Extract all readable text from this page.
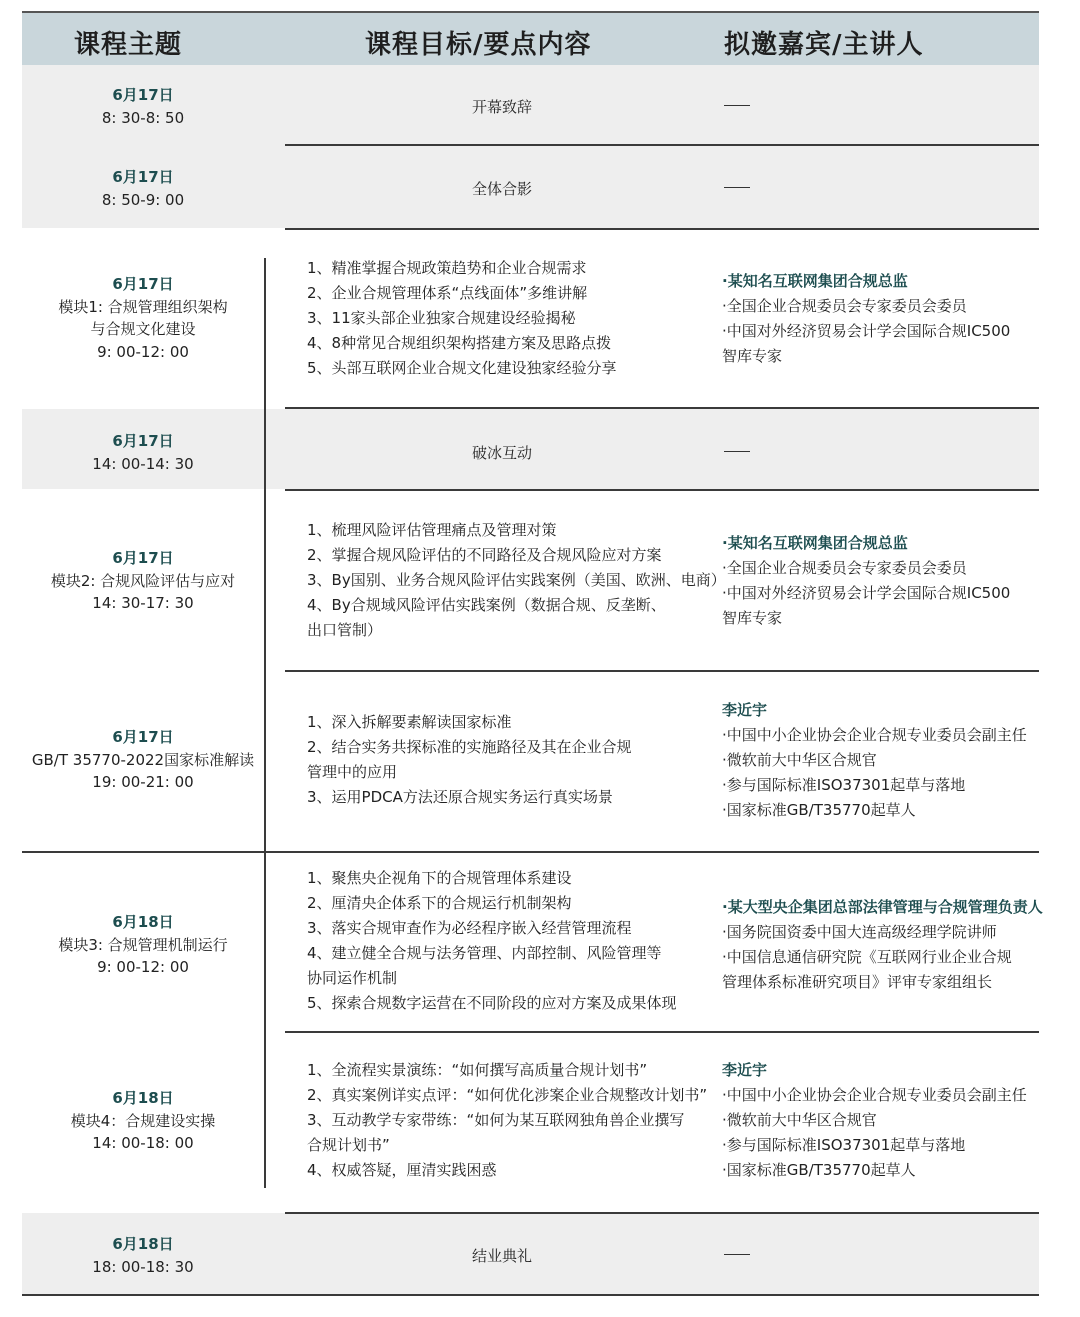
课程主题	课程目标/要点内容	拟邀嘉宾/主讲人
6月17日
8: 30-8: 50
开幕致辞
6月17日
8: 50-9: 00
全体合影
6月17日
模块1: 合规管理组织架构
与合规文化建设
9: 00-12: 00
1、精准掌握合规政策趋势和企业合规需求
2、企业合规管理体系“点线面体”多维讲解
3、11家头部企业独家合规建设经验揭秘
4、8种常见合规组织架构搭建方案及思路点拨
5、头部互联网企业合规文化建设独家经验分享
·某知名互联网集团合规总监
·全国企业合规委员会专家委员会委员
·中国对外经济贸易会计学会国际合规IC500
智库专家
6月17日
14: 00-14: 30
破冰互动
6月17日
模块2: 合规风险评估与应对
14: 30-17: 30
1、梳理风险评估管理痛点及管理对策
2、掌握合规风险评估的不同路径及合规风险应对方案
3、By国别、业务合规风险评估实践案例（美国、欧洲、电商）
4、By合规域风险评估实践案例（数据合规、反垄断、
出口管制）
·某知名互联网集团合规总监
·全国企业合规委员会专家委员会委员
·中国对外经济贸易会计学会国际合规IC500
智库专家
6月17日
GB/T 35770-2022国家标准解读
19: 00-21: 00
1、深入拆解要素解读国家标准
2、结合实务共探标准的实施路径及其在企业合规
管理中的应用
3、运用PDCA方法还原合规实务运行真实场景
李近宇
·中国中小企业协会企业合规专业委员会副主任
·微软前大中华区合规官
·参与国际标准ISO37301起草与落地
·国家标准GB/T35770起草人
6月18日
模块3: 合规管理机制运行
9: 00-12: 00
1、聚焦央企视角下的合规管理体系建设
2、厘清央企体系下的合规运行机制架构
3、落实合规审查作为必经程序嵌入经营管理流程
4、建立健全合规与法务管理、内部控制、风险管理等
协同运作机制
5、探索合规数字运营在不同阶段的应对方案及成果体现
·某大型央企集团总部法律管理与合规管理负责人
·国务院国资委中国大连高级经理学院讲师
·中国信息通信研究院《互联网行业企业合规
管理体系标准研究项目》评审专家组组长
6月18日
模块4：合规建设实操
14: 00-18: 00
1、全流程实景演练：“如何撰写高质量合规计划书”
2、真实案例详实点评：“如何优化涉案企业合规整改计划书”
3、互动教学专家带练：“如何为某互联网独角兽企业撰写
合规计划书”
4、权威答疑，厘清实践困惑
李近宇
·中国中小企业协会企业合规专业委员会副主任
·微软前大中华区合规官
·参与国际标准ISO37301起草与落地
·国家标准GB/T35770起草人
6月18日
18: 00-18: 30
结业典礼
